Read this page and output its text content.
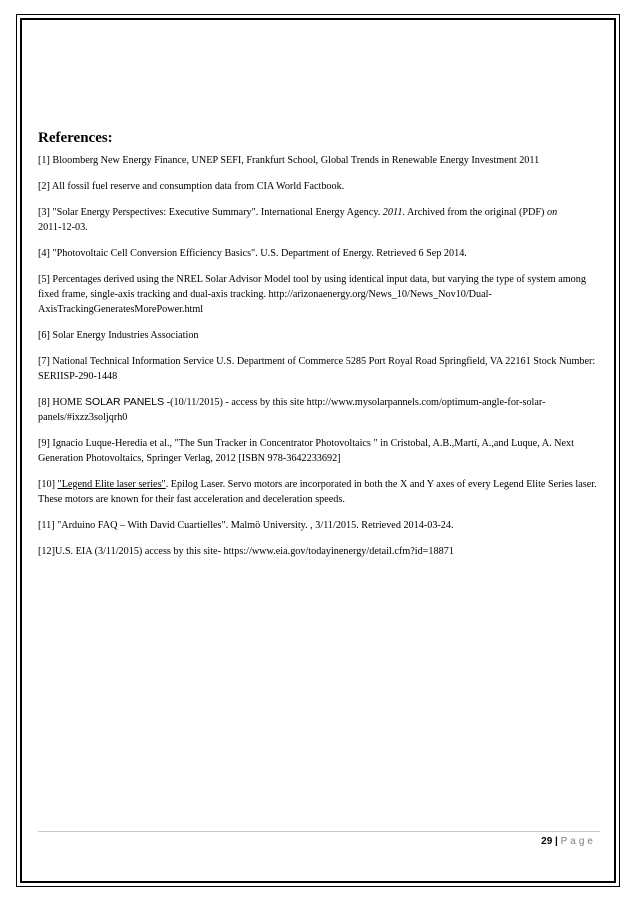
References:

[1] Bloomberg New Energy Finance, UNEP SEFI, Frankfurt School, Global Trends in Renewable Energy Investment 2011

[2] All fossil fuel reserve and consumption data from CIA World Factbook.

[3] "Solar Energy Perspectives: Executive Summary". International Energy Agency. 2011. Archived from the original (PDF) on
2011-12-03.

[4] "Photovoltaic Cell Conversion Efficiency Basics". U.S. Department of Energy. Retrieved 6 Sep 2014.

[5] Percentages derived using the NREL Solar Advisor Model tool by using identical input data, but varying the type of system among fixed frame, single-axis tracking and dual-axis tracking. http://arizonaenergy.org/News_10/News_Nov10/Dual-AxisTrackingGeneratesMorePower.html

[6] Solar Energy Industries Association

[7] National Technical Information Service U.S. Department of Commerce 5285 Port Royal Road Springfield, VA 22161 Stock Number: SERIISP-290-1448

[8] HOME SOLAR PANELS -(10/11/2015) - access by this site http://www.mysolarpannels.com/optimum-angle-for-solar-panels/#ixzz3soljqrh0

[9] Ignacio Luque-Heredia et al., "The Sun Tracker in Concentrator Photovoltaics " in Cristobal, A.B.,Martí, A.,and Luque, A. Next Generation Photovoltaics, Springer Verlag, 2012 [ISBN 978-3642233692]

[10] "Legend Elite laser series". Epilog Laser. Servo motors are incorporated in both the X and Y axes of every Legend Elite Series laser. These motors are known for their fast acceleration and deceleration speeds.

[11] "Arduino FAQ – With David Cuartielles". Malmö University. , 3/11/2015. Retrieved 2014-03-24.

[12]U.S. EIA (3/11/2015) access by this site- https://www.eia.gov/todayinenergy/detail.cfm?id=18871

29 | Page
